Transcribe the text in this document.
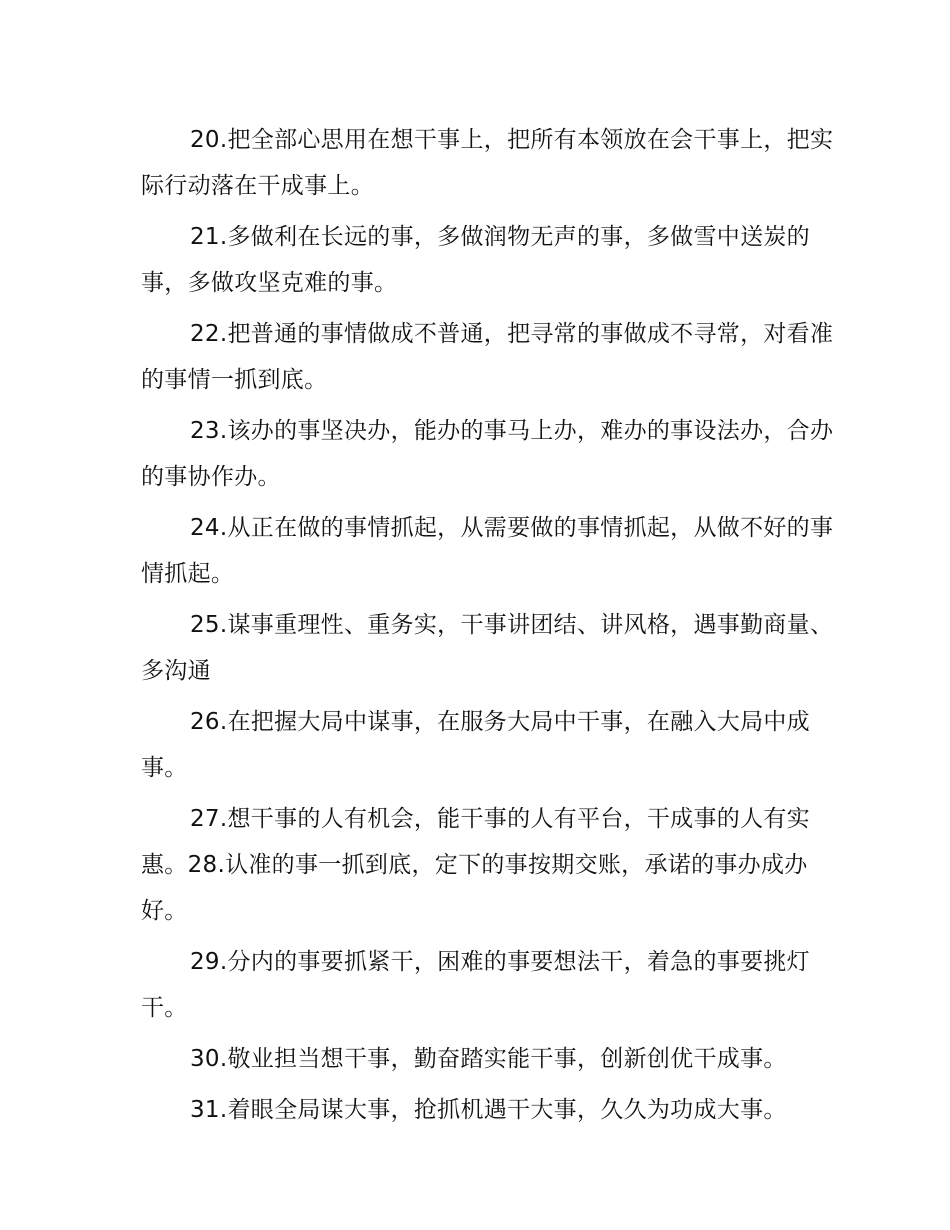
20.把全部心思用在想干事上，把所有本领放在会干事上，把实际行动落在干成事上。

21.多做利在长远的事，多做润物无声的事，多做雪中送炭的事，多做攻坚克难的事。

22.把普通的事情做成不普通，把寻常的事做成不寻常，对看准的事情一抓到底。

23.该办的事坚决办，能办的事马上办，难办的事设法办，合办的事协作办。

24.从正在做的事情抓起，从需要做的事情抓起，从做不好的事情抓起。

25.谋事重理性、重务实，干事讲团结、讲风格，遇事勤商量、多沟通

26.在把握大局中谋事，在服务大局中干事，在融入大局中成事。

27.想干事的人有机会，能干事的人有平台，干成事的人有实惠。28.认准的事一抓到底，定下的事按期交账，承诺的事办成办好。

29.分内的事要抓紧干，困难的事要想法干，着急的事要挑灯干。

30.敬业担当想干事，勤奋踏实能干事，创新创优干成事。

31.着眼全局谋大事，抢抓机遇干大事，久久为功成大事。
